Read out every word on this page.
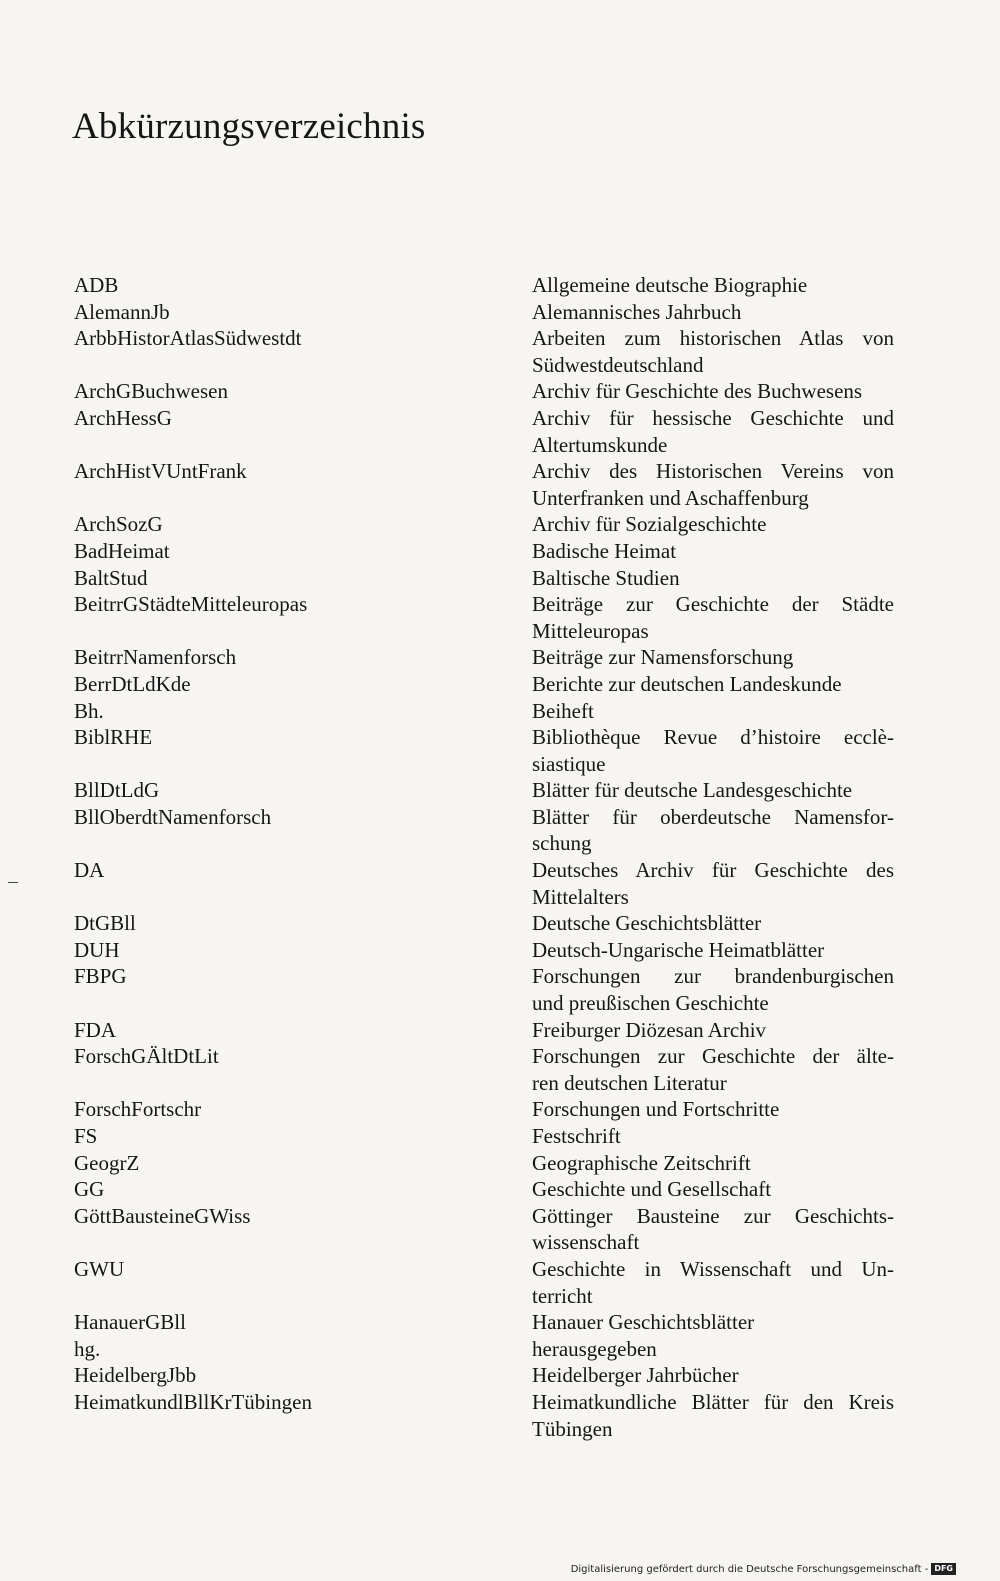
Abkürzungsverzeichnis
ADB	Allgemeine deutsche Biographie
AlemannJb	Alemannisches Jahrbuch
ArbbHistorAtlasSüdwestdt	Arbeiten zum historischen Atlas von
Südwestdeutschland
ArchGBuchwesen	Archiv für Geschichte des Buchwesens
ArchHessG	Archiv für hessische Geschichte und
Altertumskunde
ArchHistVUntFrank	Archiv des Historischen Vereins von
Unterfranken und Aschaffenburg
ArchSozG	Archiv für Sozialgeschichte
BadHeimat	Badische Heimat
BaltStud	Baltische Studien
BeitrrGStädteMitteleuropas	Beiträge zur Geschichte der Städte
Mitteleuropas
BeitrrNamenforsch	Beiträge zur Namensforschung
BerrDtLdKde	Berichte zur deutschen Landeskunde
Bh.	Beiheft
BiblRHE	Bibliothèque Revue d’histoire ecclè-
siastique
BllDtLdG	Blätter für deutsche Landesgeschichte
BllOberdtNamenforsch	Blätter für oberdeutsche Namensfor-
schung
DA	Deutsches Archiv für Geschichte des
Mittelalters
DtGBll	Deutsche Geschichtsblätter
DUH	Deutsch-Ungarische Heimatblätter
FBPG	Forschungen zur brandenburgischen
und preußischen Geschichte
FDA	Freiburger Diözesan Archiv
ForschGÄltDtLit	Forschungen zur Geschichte der älte-
ren deutschen Literatur
ForschFortschr	Forschungen und Fortschritte
FS	Festschrift
GeogrZ	Geographische Zeitschrift
GG	Geschichte und Gesellschaft
GöttBausteineGWiss	Göttinger Bausteine zur Geschichts-
wissenschaft
GWU	Geschichte in Wissenschaft und Un-
terricht
HanauerGBll	Hanauer Geschichtsblätter
hg.	herausgegeben
HeidelbergJbb	Heidelberger Jahrbücher
HeimatkundlBllKrTübingen	Heimatkundliche Blätter für den Kreis
Tübingen
Digitalisierung gefördert durch die Deutsche Forschungsgemeinschaft - DFG
